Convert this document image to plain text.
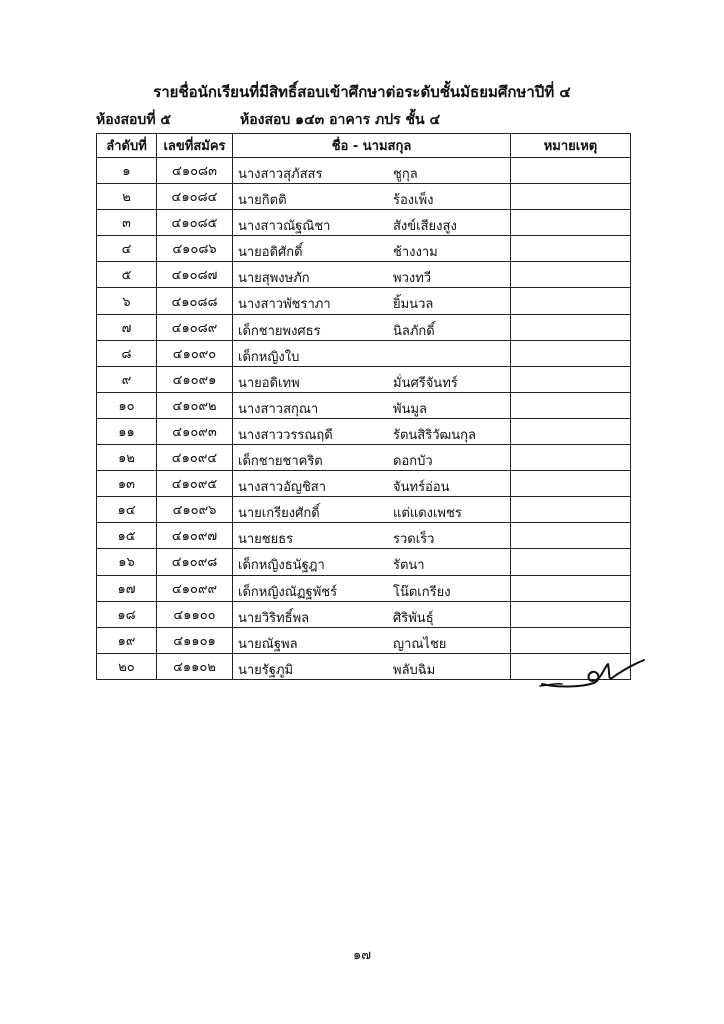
รายชื่อนักเรียนที่มีสิทธิ์สอบเข้าศึกษาต่อระดับชั้นมัธยมศึกษาปีที่ ๔
ห้องสอบที่ ๕	ห้องสอบ ๑๔๓ อาคาร ภปร ชั้น ๔
ลำดับที่	เลขที่สมัคร	ชื่อ - นามสกุล	หมายเหตุ
๑	๔๑๐๘๓	นางสาวสุภัสสร ชูกุล	

๒	๔๑๐๘๔	นายกิตติ ร้องเพ็ง	

๓	๔๑๐๘๕	นางสาวณัฐณิชา สังข์เสียงสูง	

๔	๔๑๐๘๖	นายอดิศักดิ์ ช้างงาม	

๕	๔๑๐๘๗	นายสุพงษภัก พวงทวี	

๖	๔๑๐๘๘	นางสาวพัชราภา ยิ้มนวล	

๗	๔๑๐๘๙	เด็กชายพงศธร นิลภักดิ์	

๘	๔๑๐๙๐	เด็กหญิงใบ	

๙	๔๑๐๙๑	นายอดิเทพ มั่นศรีจันทร์	

๑๐	๔๑๐๙๒	นางสาวสกุณา พันมูล	

๑๑	๔๑๐๙๓	นางสาววรรณฤดี รัตนสิริวัฒนกุล	

๑๒	๔๑๐๙๔	เด็กชายชาคริต ดอกบัว	

๑๓	๔๑๐๙๕	นางสาวอัญชิสา จันทร์อ่อน	

๑๔	๔๑๐๙๖	นายเกรียงศักดิ์ แต่แดงเพชร	

๑๕	๔๑๐๙๗	นายชยธร รวดเร็ว	

๑๖	๔๑๐๙๘	เด็กหญิงธนัฐฎา รัตนา	

๑๗	๔๑๐๙๙	เด็กหญิงณัฏฐพัชร์ โน๊ตเกรียง	

๑๘	๔๑๑๐๐	นายวิริทธิ์พล ศิริพันธุ์	

๑๙	๔๑๑๐๑	นายณัฐพล ญาณไชย	

๒๐	๔๑๑๐๒	นายรัฐภูมิ พลับฉิม	

๑๗
